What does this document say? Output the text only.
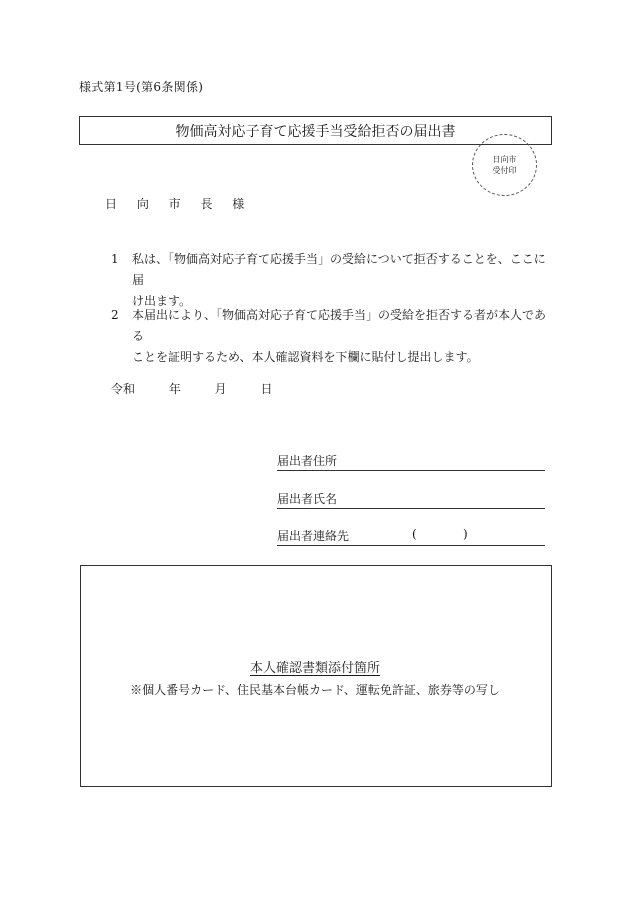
様式第1号(第6条関係)
物価高対応子育て応援手当受給拒否の届出書
日向市
受付印
日 向 市 長 様
1 私は、「物価高対応子育て応援手当」の受給について拒否することを、ここに届
け出ます。
2 本届出により、「物価高対応子育て応援手当」の受給を拒否する者が本人である
ことを証明するため、本人確認資料を下欄に貼付し提出します。
令和 年 月 日
届出者住所
届出者氏名
届出者連絡先	(	)
本人確認書類添付箇所
※個人番号カード、住民基本台帳カード、運転免許証、旅券等の写し
